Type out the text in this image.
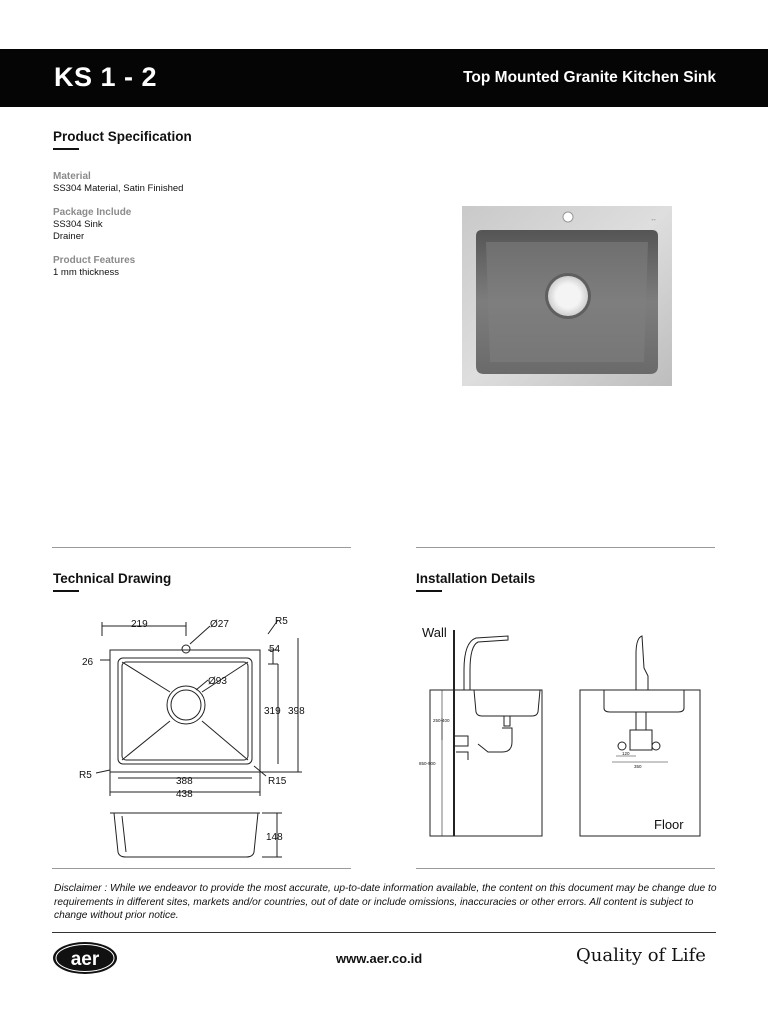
KS 1 - 2	Top Mounted Granite Kitchen Sink
Product Specification
Material
SS304 Material, Satin Finished
Package Include
SS304 Sink
Drainer
Product Features
1 mm thickness
↔
Technical Drawing
219	Ø27	R5
26
54
Ø93
319 398
R5
388	R15
438
148
Installation Details
Wall
Floor
250-400
850-900
120
350
Disclaimer : While we endeavor to provide the most accurate, up-to-date information available, the content on this document may be change due to requirements in different sites, markets and/or countries, out of date or include omissions, inaccuracies or other errors. All content is subject to change without prior notice.
aer	www.aer.co.id	Quality of Life
